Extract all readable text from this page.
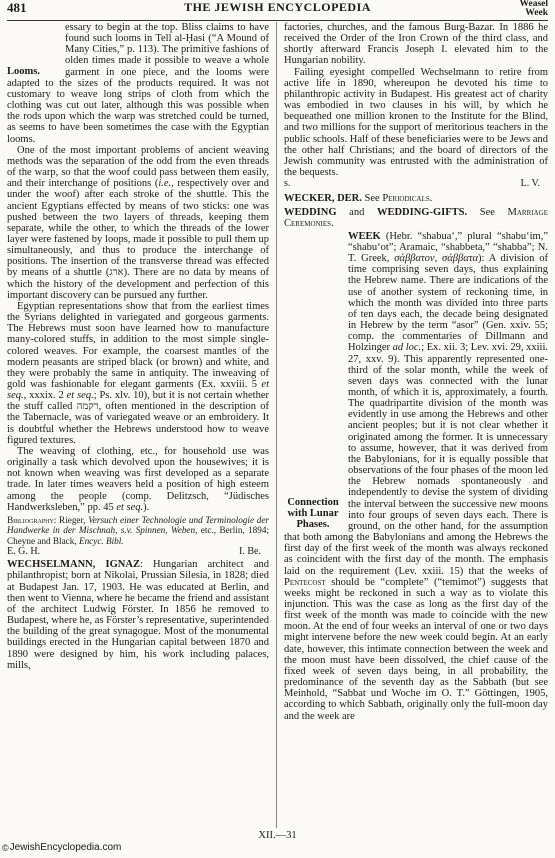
481	THE JEWISH ENCYCLOPEDIA	Weasel
Week

Looms.
essary to begin at the top. Bliss claims to have found such looms in Tell al-Ḥasi (“A Mound of Many Cities,” p. 113). The primitive fashions of olden times made it possible to weave a whole garment in one piece, and the looms were adapted to the sizes of the products required. It was not customary to weave long strips of cloth from which the clothing was cut out later, although this was possible when the rods upon which the warp was stretched could be turned, as seems to have been sometimes the case with the Egyptian looms.

One of the most important problems of ancient weaving methods was the separation of the odd from the even threads of the warp, so that the woof could pass between them easily, and their interchange of positions (i.e., respectively over and under the woof) after each stroke of the shuttle. This the ancient Egyptians effected by means of two sticks: one was pushed between the two layers of threads, keeping them separate, while the other, to which the threads of the lower layer were fastened by loops, made it possible to pull them up simultaneously, and thus to produce the interchange of positions. The insertion of the transverse thread was effected by means of a shuttle (ארג). There are no data by means of which the history of the development and perfection of this important discovery can be pursued any further.

Egyptian representations show that from the earliest times the Syrians delighted in variegated and gorgeous garments. The Hebrews must soon have learned how to manufacture many-colored stuffs, in addition to the most simple single-colored weaves. For example, the coarsest mantles of the modern peasants are striped black (or brown) and white, and they were probably the same in antiquity. The inweaving of gold was fashionable for elegant garments (Ex. xxviii. 5 et seq., xxxix. 2 et seq.; Ps. xlv. 10), but it is not certain whether the stuff called רקמה, often mentioned in the description of the Tabernacle, was of variegated weave or an embroidery. It is doubtful whether the Hebrews understood how to weave figured textures.

The weaving of clothing, etc., for household use was originally a task which devolved upon the housewives; it is not known when weaving was first developed as a separate trade. In later times weavers held a position of high esteem among the people (comp. Delitzsch, “Jüdisches Handwerksleben,” pp. 45 et seq.).

Bibliography: Rieger, Versuch einer Technologie und Terminologie der Handwerke in der Mischnah, s.v. Spinnen, Weben, etc., Berlin, 1894; Cheyne and Black, Encyc. Bibl.

E. G. H.	I. Be.

WECHSELMANN, IGNAZ: Hungarian architect and philanthropist; born at Nikolai, Prussian Silesia, in 1828; died at Budapest Jan. 17, 1903. He was educated at Berlin, and then went to Vienna, where he became the friend and assistant of the architect Ludwig Förster. In 1856 he removed to Budapest, where he, as Förster’s representative, superintended the building of the great synagogue. Most of the monumental buildings erected in the Hungarian capital between 1870 and 1890 were designed by him, his work including palaces, mills,

factories, churches, and the famous Burg-Bazar. In 1886 he received the Order of the Iron Crown of the third class, and shortly afterward Francis Joseph I. elevated him to the Hungarian nobility.

Failing eyesight compelled Wechselmann to retire from active life in 1890, whereupon he devoted his time to philanthropic activity in Budapest. His greatest act of charity was embodied in two clauses in his will, by which he bequeathed one million kronen to the Institute for the Blind, and two millions for the support of meritorious teachers in the public schools. Half of these beneficiaries were to be Jews and the other half Christians; and the board of directors of the Jewish community was entrusted with the administration of the bequests.

s.	L. V.

WECKER, DER. See Periodicals.

WEDDING and WEDDING-GIFTS. See Marriage Ceremonies.

Connection with Lunar Phases.
WEEK (Hebr. “shabua‘,” plural “shabu‘im,” “shabu‘ot”; Aramaic, “shabbeta,” “shabba”; N. T. Greek, σάββατον, σάββατα): A division of time comprising seven days, thus explaining the Hebrew name. There are indications of the use of another system of reckoning time, in which the month was divided into three parts of ten days each, the decade being designated in Hebrew by the term “asor” (Gen. xxiv. 55; comp. the commentaries of Dillmann and Holzinger ad loc.; Ex. xii. 3; Lev. xvi. 29, xxiii. 27, xxv. 9). This apparently represented one-third of the solar month, while the week of seven days was connected with the lunar month, of which it is, approximately, a fourth. The quadripartite division of the month was evidently in use among the Hebrews and other ancient peoples; but it is not clear whether it originated among the former. It is unnecessary to assume, however, that it was derived from the Babylonians, for it is equally possible that observations of the four phases of the moon led the Hebrew nomads spontaneously and independently to devise the system of dividing the interval between the successive new moons into four groups of seven days each. There is ground, on the other hand, for the assumption that both among the Babylonians and among the Hebrews the first day of the first week of the month was always reckoned as coincident with the first day of the month. The emphasis laid on the requirement (Lev. xxiii. 15) that the weeks of Pentecost should be “complete” (“temimot”) suggests that weeks might be reckoned in such a way as to violate this injunction. This was the case as long as the first day of the first week of the month was made to coincide with the new moon. At the end of four weeks an interval of one or two days might intervene before the new week could begin. At an early date, however, this intimate connection between the week and the moon must have been dissolved, the chief cause of the fixed week of seven days being, in all probability, the predominance of the seventh day as the Sabbath (but see Meinhold, “Sabbat und Woche im O. T.” Göttingen, 1905, according to which Sabbath, originally only the full-moon day and the week are

XII.—31
© JewishEncyclopedia.com
